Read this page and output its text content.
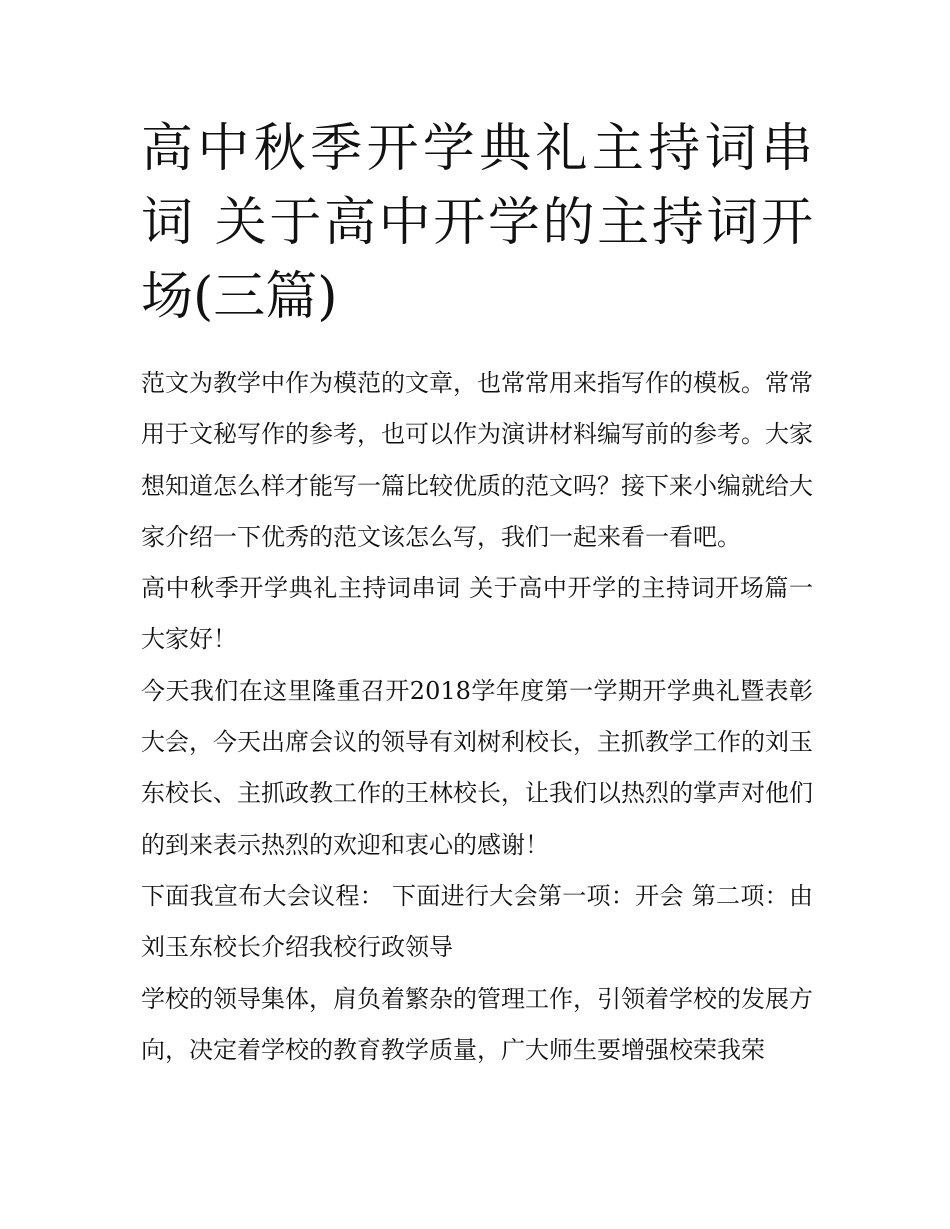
高中秋季开学典礼主持词串词 关于高中开学的主持词开场(三篇)

范文为教学中作为模范的文章，也常常用来指写作的模板。常常用于文秘写作的参考，也可以作为演讲材料编写前的参考。大家想知道怎么样才能写一篇比较优质的范文吗？接下来小编就给大家介绍一下优秀的范文该怎么写，我们一起来看一看吧。

高中秋季开学典礼主持词串词 关于高中开学的主持词开场篇一 大家好！

今天我们在这里隆重召开2018学年度第一学期开学典礼暨表彰大会，今天出席会议的领导有刘树利校长，主抓教学工作的刘玉东校长、主抓政教工作的王林校长，让我们以热烈的掌声对他们的到来表示热烈的欢迎和衷心的感谢！

下面我宣布大会议程： 下面进行大会第一项：开会 第二项：由刘玉东校长介绍我校行政领导

学校的领导集体，肩负着繁杂的管理工作，引领着学校的发展方向，决定着学校的教育教学质量，广大师生要增强校荣我荣
